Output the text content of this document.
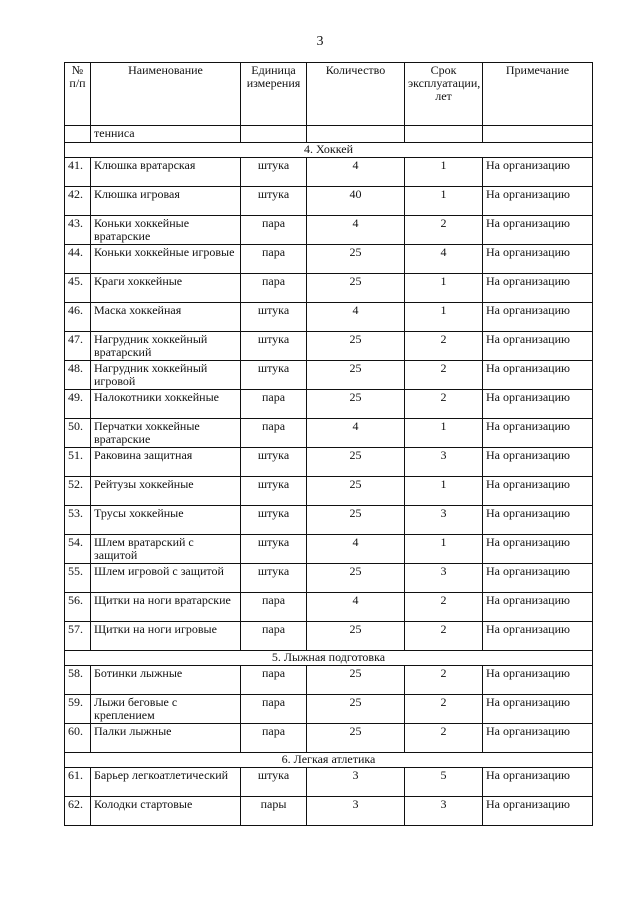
3
№ п/п	Наименование	Единица измерения	Количество	Срок эксплуатации, лет	Примечание
	тенниса				
4. Хоккей					
41.	Клюшка вратарская	штука	4	1	На организацию
42.	Клюшка игровая	штука	40	1	На организацию
43.	Коньки хоккейные вратарские	пара	4	2	На организацию
44.	Коньки хоккейные игровые	пара	25	4	На организацию
45.	Краги хоккейные	пара	25	1	На организацию
46.	Маска хоккейная	штука	4	1	На организацию
47.	Нагрудник хоккейный вратарский	штука	25	2	На организацию
48.	Нагрудник хоккейный игровой	штука	25	2	На организацию
49.	Налокотники хоккейные	пара	25	2	На организацию
50.	Перчатки хоккейные вратарские	пара	4	1	На организацию
51.	Раковина защитная	штука	25	3	На организацию
52.	Рейтузы хоккейные	штука	25	1	На организацию
53.	Трусы хоккейные	штука	25	3	На организацию
54.	Шлем вратарский с защитой	штука	4	1	На организацию
55.	Шлем игровой с защитой	штука	25	3	На организацию
56.	Щитки на ноги вратарские	пара	4	2	На организацию
57.	Щитки на ноги игровые	пара	25	2	На организацию
5. Лыжная подготовка					
58.	Ботинки лыжные	пара	25	2	На организацию
59.	Лыжи беговые с креплением	пара	25	2	На организацию
60.	Палки лыжные	пара	25	2	На организацию
6. Легкая атлетика					
61.	Барьер легкоатлетический	штука	3	5	На организацию
62.	Колодки стартовые	пары	3	3	На организацию
